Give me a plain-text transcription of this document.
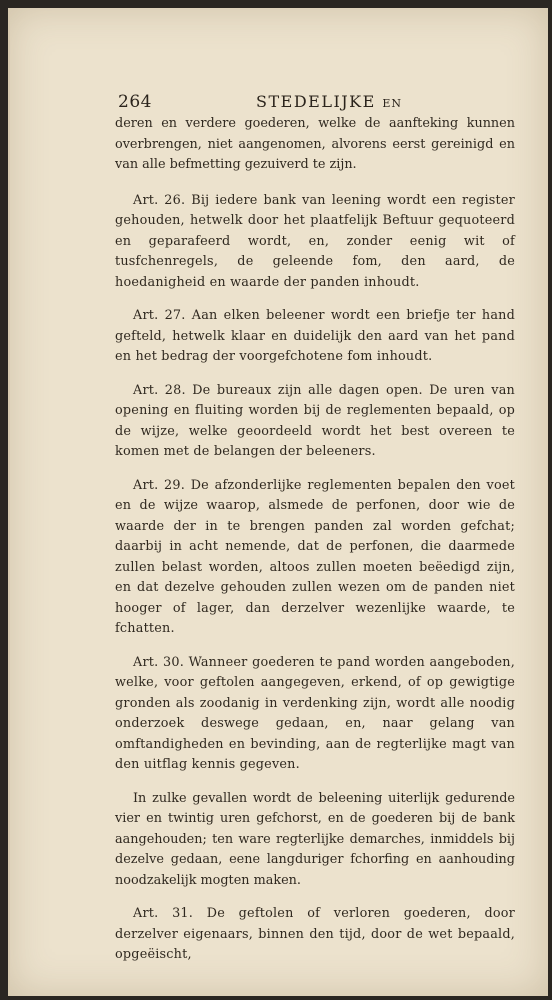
264	STEDELIJKE EN

deren en verdere goederen, welke de aanfteking kunnen overbrengen, niet aangenomen, alvorens eerst gereinigd en van alle befmetting gezuiverd te zijn.

Art. 26. Bij iedere bank van leening wordt een register gehouden, hetwelk door het plaatfelijk Beftuur gequoteerd en geparafeerd wordt, en, zonder eenig wit of tusfchenregels, de geleende fom, den aard, de hoedanigheid en waarde der panden inhoudt.

Art. 27. Aan elken beleener wordt een briefje ter hand gefteld, hetwelk klaar en duidelijk den aard van het pand en het bedrag der voorgefchotene fom inhoudt.

Art. 28. De bureaux zijn alle dagen open. De uren van opening en fluiting worden bij de reglementen bepaald, op de wijze, welke geoordeeld wordt het best overeen te komen met de belangen der beleeners.

Art. 29. De afzonderlijke reglementen bepalen den voet en de wijze waarop, alsmede de perfonen, door wie de waarde der in te brengen panden zal worden gefchat; daarbij in acht nemende, dat de perfonen, die daarmede zullen belast worden, altoos zullen moeten beëedigd zijn, en dat dezelve gehouden zullen wezen om de panden niet hooger of lager, dan derzelver wezenlijke waarde, te fchatten.

Art. 30. Wanneer goederen te pand worden aangeboden, welke, voor geftolen aangegeven, erkend, of op gewigtige gronden als zoodanig in verdenking zijn, wordt alle noodig onderzoek deswege gedaan, en, naar gelang van omftandigheden en bevinding, aan de regterlijke magt van den uitflag kennis gegeven.

In zulke gevallen wordt de beleening uiterlijk gedurende vier en twintig uren gefchorst, en de goederen bij de bank aangehouden; ten ware regterlijke demarches, inmiddels bij dezelve gedaan, eene langduriger fchorfing en aanhouding noodzakelijk mogten maken.

Art. 31. De geftolen of verloren goederen, door derzelver eigenaars, binnen den tijd, door de wet bepaald, opgeëischt,
